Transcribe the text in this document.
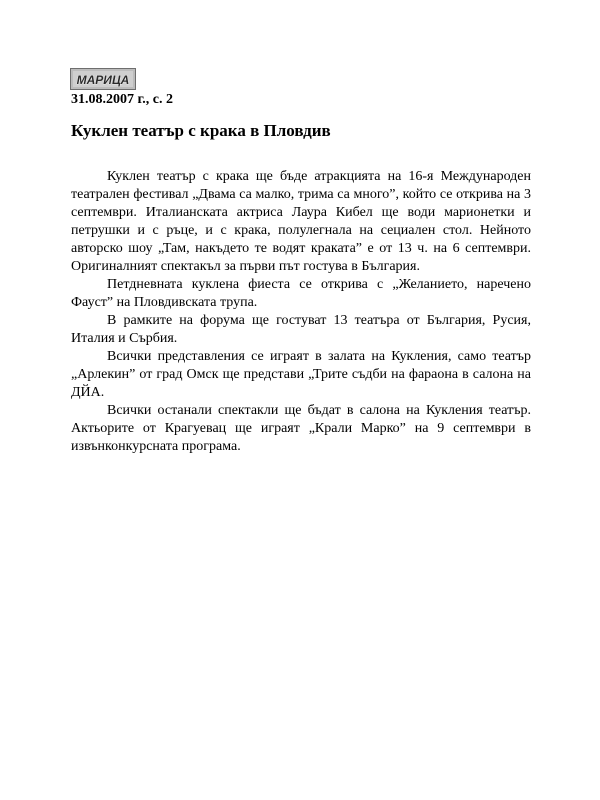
МАРИЦА
31.08.2007 г., с. 2
Куклен театър с крака в Пловдив

Куклен театър с крака ще бъде атракцията на 16-я Международен театрален фестивал „Двама са малко, трима са много”, който се открива на 3 септември. Италианската актриса Лаура Кибел ще води марионетки и петрушки и с ръце, и с крака, полулегнала на сециален стол. Нейното авторско шоу „Там, накъдето те водят краката” е от 13 ч. на 6 септември. Оригиналният спектакъл за първи път гостува в България.

Петдневната куклена фиеста се открива с „Желанието, наречено Фауст” на Пловдивската трупа.

В рамките на форума ще гостуват 13 театъра от България, Русия, Италия и Сърбия.

Всички представления се играят в залата на Кукления, само театър „Арлекин” от град Омск ще представи „Трите съдби на фараона в салона на ДЙА.

Всички останали спектакли ще бъдат в салона на Кукления театър. Актьорите от Крагуевац ще играят „Крали Марко” на 9 септември в извънконкурсната програма.
